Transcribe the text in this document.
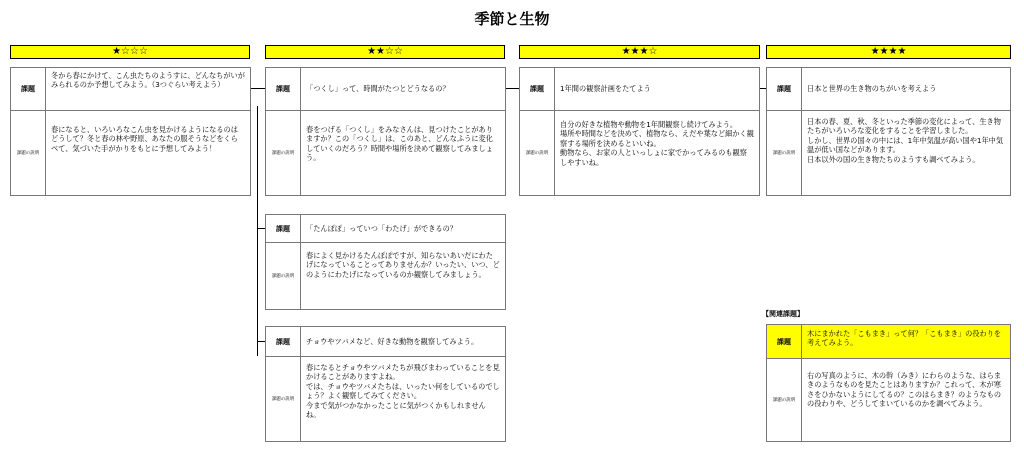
季節と生物
★☆☆☆	★★☆☆	★★★☆	★★★★
課題
冬から春にかけて、こん虫たちのようすに、どんなちがいがみられるのか予想してみよう。（3つぐらい考えよう）
課題の説明
春になると、いろいろなこん虫を見かけるようになるのはどうして？冬と春の林や野原、あなたの服そうなどをくらべて、気づいた手がかりをもとに予想してみよう！
課題	「つくし」って、時間がたつとどうなるの？
課題の説明
春をつげる「つくし」をみなさんは、見つけたことがありますか？この「つくし」は、このあと、どんなふうに変化していくのだろう？時間や場所を決めて観察してみましょう。
課題	1年間の観察計画をたてよう
課題の説明
自分の好きな植物や動物を1年間観察し続けてみよう。
場所や時間などを決めて、植物なら、えだや葉など細かく観察する場所を決めるといいね。
動物なら、お家の人といっしょに家でかってみるのも観察しやすいね。
課題	日本と世界の生き物のちがいを考えよう
課題の説明
日本の春、夏、秋、冬といった季節の変化によって、生き物たちがいろいろな変化をすることを学習しました。
しかし、世界の国々の中には、1年中気温が高い国や1年中気温が低い国などがあります。
日本以外の国の生き物たちのようすも調べてみよう。
課題	「たんぽぽ」っていつ「わたげ」ができるの？
課題の説明
春によく見かけるたんぽぽですが、知らないあいだにわたげになっていることってありませんか？いったい、いつ、どのようにわたげになっているのか観察してみましょう。
課題	チョウやツバメなど、好きな動物を観察してみよう。
課題の説明
春になるとチョウやツバメたちが飛びまわっていることを見かけることがありますよね。
では、チョウやツバメたちは、いったい何をしているのでしょう？よく観察してみてください。
今まで気がつかなかったことに気がつくかもしれませんね。
【関連課題】
課題
木にまかれた「こもまき」って何？「こもまき」の役わりを考えてみよう。
課題の説明
右の写真のように、木の幹（みき）にわらのような、はらまきのようなものを見たことはありますか？これって、木が寒さをひかないようにしてるの？このはらまき？のようなものの役わりや、どうしてまいているのかを調べてみよう。
